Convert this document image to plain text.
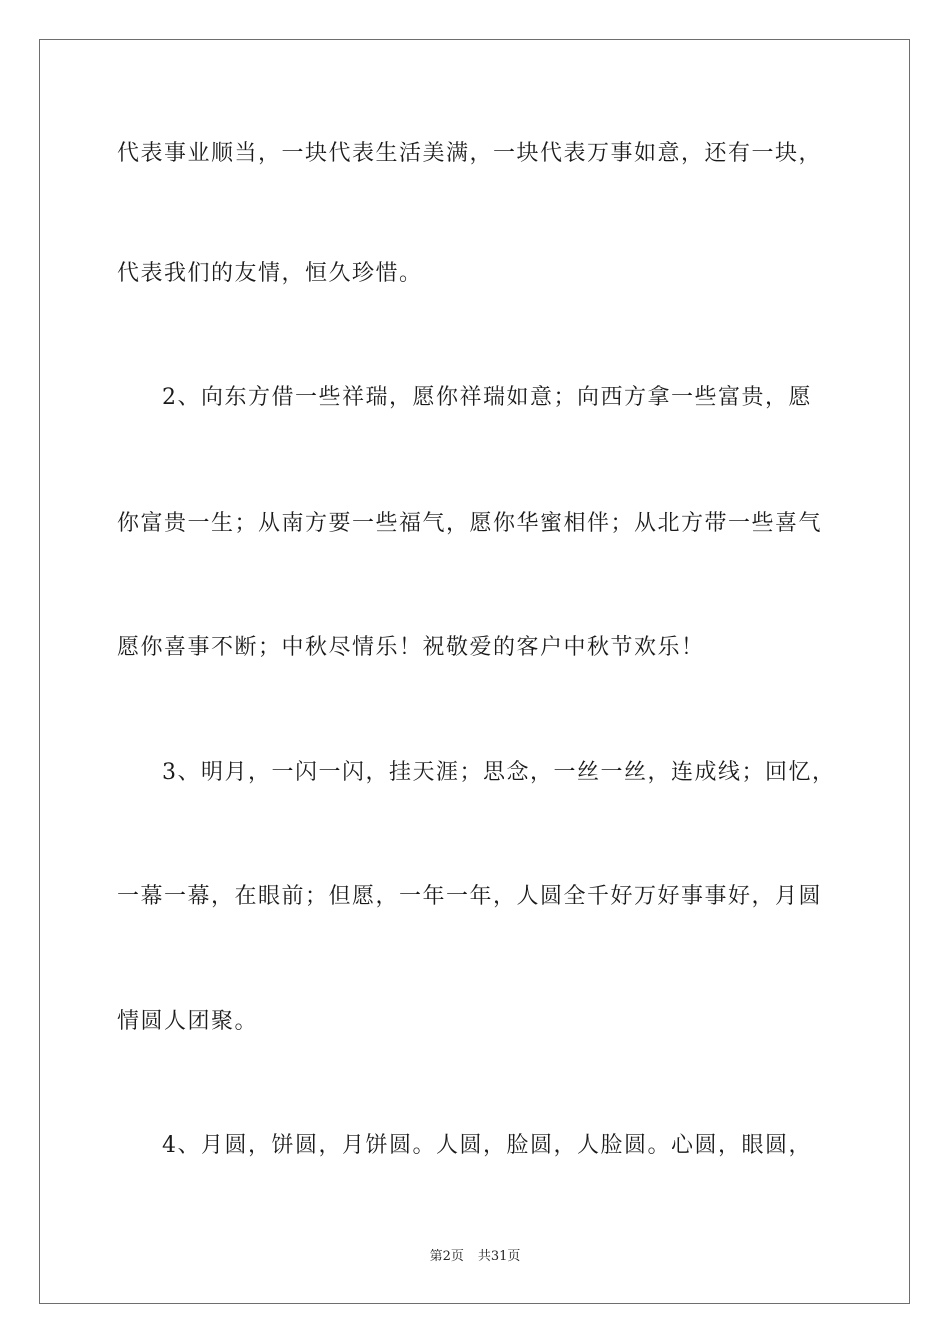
代表事业顺当，一块代表生活美满，一块代表万事如意，还有一块，
代表我们的友情，恒久珍惜。
2、向东方借一些祥瑞，愿你祥瑞如意；向西方拿一些富贵，愿
你富贵一生；从南方要一些福气，愿你华蜜相伴；从北方带一些喜气
愿你喜事不断；中秋尽情乐！祝敬爱的客户中秋节欢乐！
3、明月，一闪一闪，挂天涯；思念，一丝一丝，连成线；回忆，
一幕一幕，在眼前；但愿，一年一年，人圆全千好万好事事好，月圆
情圆人团聚。
4、月圆，饼圆，月饼圆。人圆，脸圆，人脸圆。心圆，眼圆，
第2页 共31页
